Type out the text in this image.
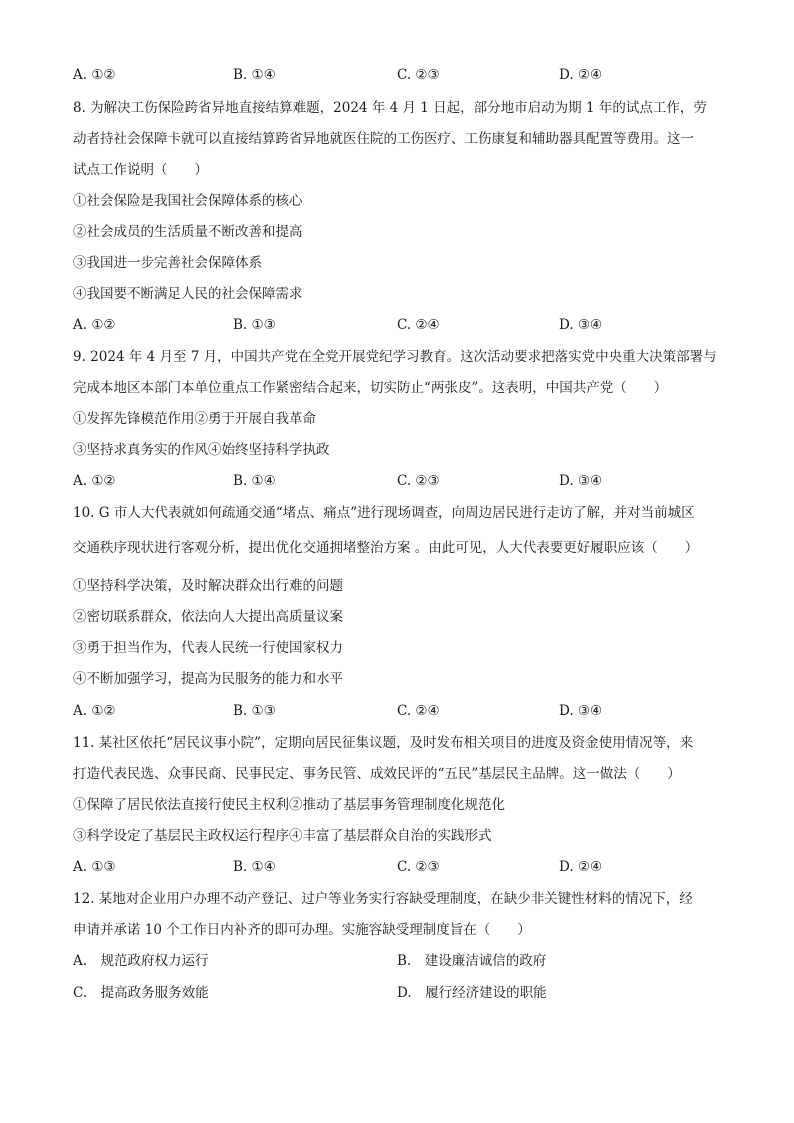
A. ①②	B. ①④	C. ②③	D. ②④
8. 为解决工伤保险跨省异地直接结算难题，2024 年 4 月 1 日起，部分地市启动为期 1 年的试点工作，劳
动者持社会保障卡就可以直接结算跨省异地就医住院的工伤医疗、工伤康复和辅助器具配置等费用。这一
试点工作说明（　　）
①社会保险是我国社会保障体系的核心
②社会成员的生活质量不断改善和提高
③我国进一步完善社会保障体系
④我国要不断满足人民的社会保障需求
A. ①②	B. ①③	C. ②④	D. ③④
9. 2024 年 4 月至 7 月，中国共产党在全党开展党纪学习教育。这次活动要求把落实党中央重大决策部署与
完成本地区本部门本单位重点工作紧密结合起来，切实防止“两张皮”。这表明，中国共产党（　　）
①发挥先锋模范作用②勇于开展自我革命
③坚持求真务实的作风④始终坚持科学执政
A. ①②	B. ①④	C. ②③	D. ③④
10. G 市人大代表就如何疏通交通“堵点、痛点”进行现场调查，向周边居民进行走访了解，并对当前城区
交通秩序现状进行客观分析，提出优化交通拥堵整治方案 。由此可见，人大代表要更好履职应该（　　）
①坚持科学决策，及时解决群众出行难的问题
②密切联系群众，依法向人大提出高质量议案
③勇于担当作为，代表人民统一行使国家权力
④不断加强学习，提高为民服务的能力和水平
A. ①②	B. ①③	C. ②④	D. ③④
11. 某社区依托“居民议事小院”，定期向居民征集议题，及时发布相关项目的进度及资金使用情况等，来
打造代表民选、众事民商、民事民定、事务民管、成效民评的“五民”基层民主品牌。这一做法（　　）
①保障了居民依法直接行使民主权利②推动了基层事务管理制度化规范化
③科学设定了基层民主政权运行程序④丰富了基层群众自治的实践形式
A. ①③	B. ①④	C. ②③	D. ②④
12. 某地对企业用户办理不动产登记、过户等业务实行容缺受理制度，在缺少非关键性材料的情况下，经
申请并承诺 10 个工作日内补齐的即可办理。实施容缺受理制度旨在（　　）
A.　规范政府权力运行	B.　建设廉洁诚信的政府
C.　提高政务服务效能	D.　履行经济建设的职能
